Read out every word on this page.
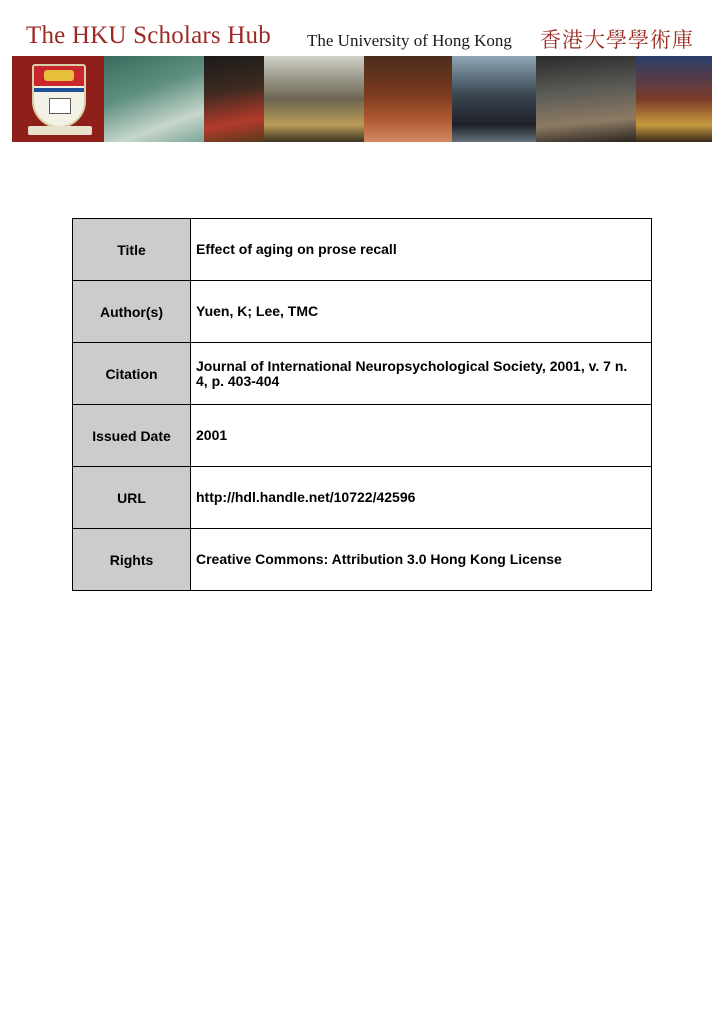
The HKU Scholars Hub The University of Hong Kong 香港大學學術庫
Title	Effect of aging on prose recall
Author(s)	Yuen, K; Lee, TMC
Citation	Journal of International Neuropsychological Society, 2001, v. 7 n. 4, p. 403-404
Issued Date	2001
URL	http://hdl.handle.net/10722/42596
Rights	Creative Commons: Attribution 3.0 Hong Kong License
